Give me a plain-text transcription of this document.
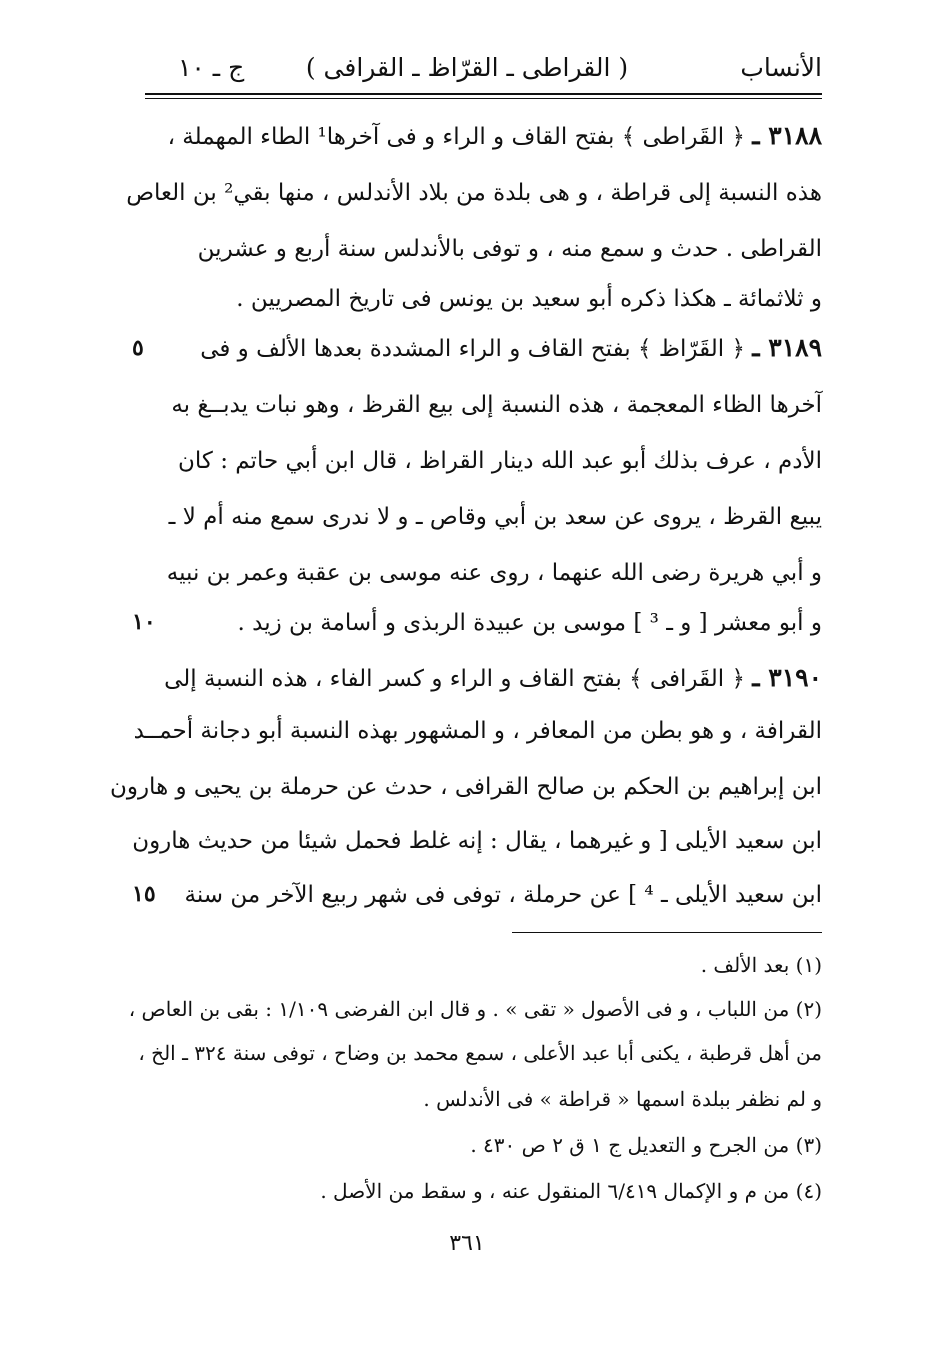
الأنساب
( القراطى ـ القرّاظ ـ القرافى )
ج ـ ١٠
٣١٨٨ ـ ﴿ القَراطى ﴾ بفتح القاف و الراء و فى آخرها¹ الطاء المهملة ،
هذه النسبة إلى قراطة ، و هى بلدة من بلاد الأندلس ، منها بقي² بن العاص
القراطى . حدث و سمع منه ، و توفى بالأندلس سنة أربع و عشرين
و ثلاثمائة ـ هكذا ذكره أبو سعيد بن يونس فى تاريخ المصريين .
٣١٨٩ ـ ﴿ القَرّاظ ﴾ بفتح القاف و الراء المشددة بعدها الألف و فى
٥
آخرها الظاء المعجمة ، هذه النسبة إلى بيع القرظ ، وهو نبات يدبــغ به
الأدم ، عرف بذلك أبو عبد الله دينار القراظ ، قال ابن أبي حاتم : كان
يبيع القرظ ، يروى عن سعد بن أبي وقاص ـ و لا ندرى سمع منه أم لا ـ
و أبي هريرة رضى الله عنهما ، روى عنه موسى بن عقبة وعمر بن نبيه
و أبو معشر [ و ـ ³ ] موسى بن عبيدة الربذى و أسامة بن زيد .
١٠
٣١٩٠ ـ ﴿ القَرافى ﴾ بفتح القاف و الراء و كسر الفاء ، هذه النسبة إلى
القرافة ، و هو بطن من المعافر ، و المشهور بهذه النسبة أبو دجانة أحمــد
ابن إبراهيم بن الحكم بن صالح القرافى ، حدث عن حرملة بن يحيى و هارون
ابن سعيد الأيلى [ و غيرهما ، يقال : إنه غلط فحمل شيئا من حديث هارون
ابن سعيد الأيلى ـ ⁴ ] عن حرملة ، توفى فى شهر ربيع الآخر من سنة
١٥
(١) بعد الألف .
(٢) من اللباب ، و فى الأصول « تقى » . و قال ابن الفرضى ١/١٠٩ : بقى بن العاص ،
من أهل قرطبة ، يكنى أبا عبد الأعلى ، سمع محمد بن وضاح ، توفى سنة ٣٢٤ ـ الخ ،
و لم نظفر ببلدة اسمها « قراطة » فى الأندلس .
(٣) من الجرح و التعديل ج ١ ق ٢ ص ٤٣٠ .
(٤) من م و الإكمال ٦/٤١٩ المنقول عنه ، و سقط من الأصل .
٣٦١
